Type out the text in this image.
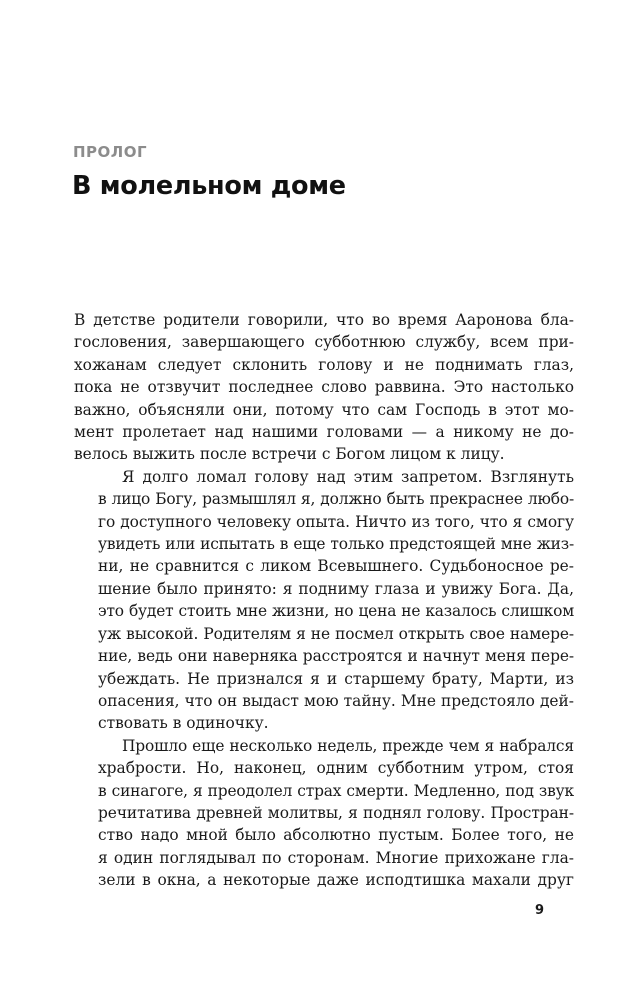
ПРОЛОГ
В молельном доме

В детстве родители говорили, что во время Ааронова бла-
гословения, завершающего субботнюю службу, всем при-
хожанам следует склонить голову и не поднимать глаз,
пока не отзвучит последнее слово раввина. Это настолько
важно, объясняли они, потому что сам Господь в этот мо-
мент пролетает над нашими головами — а никому не до-
велось выжить после встречи с Богом лицом к лицу.

Я долго ломал голову над этим запретом. Взглянуть
в лицо Богу, размышлял я, должно быть прекраснее любо-
го доступного человеку опыта. Ничто из того, что я смогу
увидеть или испытать в еще только предстоящей мне жиз-
ни, не сравнится с ликом Всевышнего. Судьбоносное ре-
шение было принято: я подниму глаза и увижу Бога. Да,
это будет стоить мне жизни, но цена не казалось слишком
уж высокой. Родителям я не посмел открыть свое намере-
ние, ведь они наверняка расстроятся и начнут меня пере-
убеждать. Не признался я и старшему брату, Марти, из
опасения, что он выдаст мою тайну. Мне предстояло дей-
ствовать в одиночку.

Прошло еще несколько недель, прежде чем я набрался
храбрости. Но, наконец, одним субботним утром, стоя
в синагоге, я преодолел страх смерти. Медленно, под звук
речитатива древней молитвы, я поднял голову. Простран-
ство надо мной было абсолютно пустым. Более того, не
я один поглядывал по сторонам. Многие прихожане гла-
зели в окна, а некоторые даже исподтишка махали друг

9
